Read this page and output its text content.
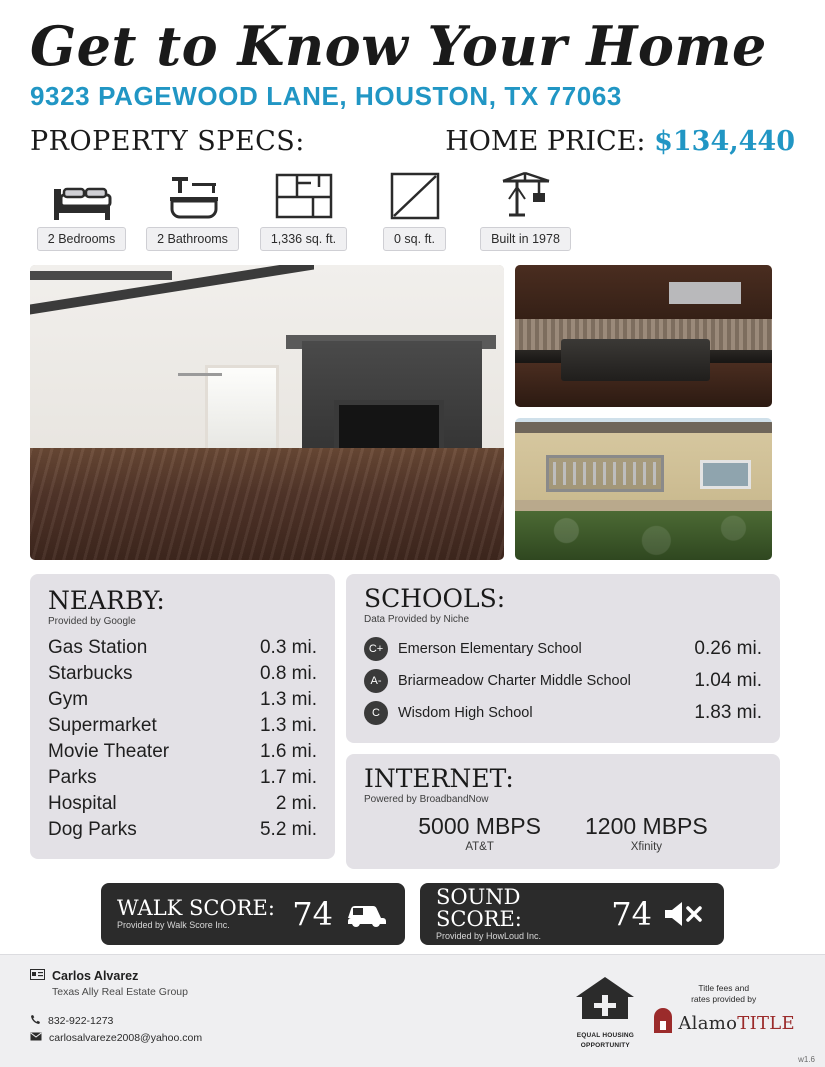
Get to Know Your Home
9323 PAGEWOOD LANE, HOUSTON, TX 77063
PROPERTY SPECS:	HOME PRICE: $134,440
2 Bedrooms	2 Bathrooms	1,336 sq. ft.	0 sq. ft.	Built in 1978
NEARBY:
Provided by Google
Gas Station	0.3 mi.
Starbucks	0.8 mi.
Gym	1.3 mi.
Supermarket	1.3 mi.
Movie Theater	1.6 mi.
Parks	1.7 mi.
Hospital	2 mi.
Dog Parks	5.2 mi.
SCHOOLS:
Data Provided by Niche
C+	Emerson Elementary School	0.26 mi.
A-	Briarmeadow Charter Middle School	1.04 mi.
C	Wisdom High School	1.83 mi.
INTERNET:
Powered by BroadbandNow
5000 MBPS
AT&T
1200 MBPS
Xfinity
WALK SCORE:
Provided by Walk Score Inc.	74	SOUND SCORE:
Provided by HowLoud Inc.
74
Carlos Alvarez
Texas Ally Real Estate Group
832-922-1273
carlosalvareze2008@yahoo.com	EQUAL HOUSING
OPPORTUNITY
Title fees and
rates provided by
AlamoTITLE
w1.6
